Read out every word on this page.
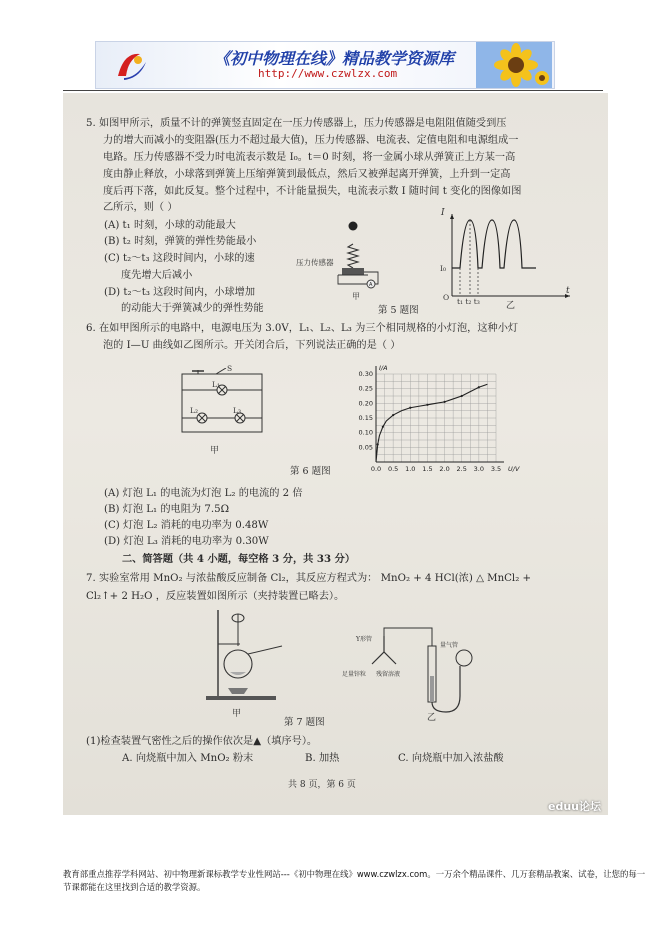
《初中物理在线》精品教学资源库
http://www.czwlzx.com
5. 如图甲所示，质量不计的弹簧竖直固定在一压力传感器上，压力传感器是电阻阻值随受到压
力的增大而减小的变阻器(压力不超过最大值)，压力传感器、电流表、定值电阻和电源组成一
电路。压力传感器不受力时电流表示数是 I₀。t＝0 时刻，将一金属小球从弹簧正上方某一高
度由静止释放，小球落到弹簧上压缩弹簧到最低点，然后又被弹起离开弹簧，上升到一定高
度后再下落，如此反复。整个过程中，不计能量损失，电流表示数 I 随时间 t 变化的图像如图
乙所示，则（ ）
(A) t₁ 时刻，小球的动能最大
(B) t₂ 时刻，弹簧的弹性势能最小
(C) t₂～t₃ 这段时间内，小球的速
度先增大后减小
(D) t₂～t₃ 这段时间内，小球增加
的动能大于弹簧减少的弹性势能
A
压力传感器
甲
第 5 题图
I
t
I₀
O t₁ t₂ t₃	乙
6. 在如甲图所示的电路中，电源电压为 3.0V，L₁、L₂、L₃ 为三个相同规格的小灯泡，这种小灯
泡的 I—U 曲线如乙图所示。开关闭合后，下列说法正确的是（ ）
S
L₁
L₂	L₃
甲
0.0 0.5 1.0 1.5 2.0 2.5 3.0 3.5
0.05
0.10
0.15
0.20
0.25
0.30
U/V
I/A
第 6 题图
(A) 灯泡 L₁ 的电流为灯泡 L₂ 的电流的 2 倍
(B) 灯泡 L₁ 的电阻为 7.5Ω
(C) 灯泡 L₂ 消耗的电功率为 0.48W
(D) 灯泡 L₃ 消耗的电功率为 0.30W
二、简答题（共 4 小题，每空格 3 分，共 33 分）
7. 实验室常用 MnO₂ 与浓盐酸反应制备 Cl₂，其反应方程式为： MnO₂ + 4 HCl(浓) △ MnCl₂ +
Cl₂↑+ 2 H₂O ，反应装置如图所示（夹持装置已略去）。
甲
Y形管
足量锌粒 残留溶液
量气管
乙
第 7 题图
(1)检查装置气密性之后的操作依次是▲（填序号）。
A. 向烧瓶中加入 MnO₂ 粉末	B. 加热	C. 向烧瓶中加入浓盐酸
共 8 页，第 6 页
eduu论坛
教育部重点推荐学科网站、初中物理新课标教学专业性网站---《初中物理在线》www.czwlzx.com。一万余个精品课件、几万套精品教案、试卷，让您的每一节课都能在这里找到合适的教学资源。
